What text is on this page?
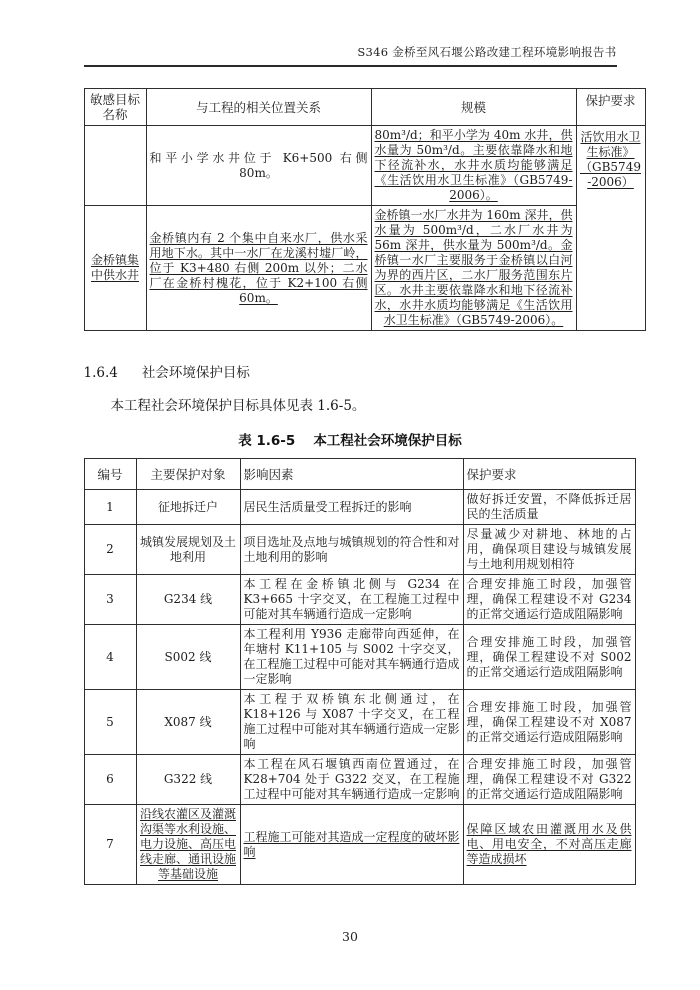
S346 金桥至风石堰公路改建工程环境影响报告书
敏感目标名称	与工程的相关位置关系	规模	保护要求
	和平小学水井位于 K6+500 右侧 80m。	80m³/d；和平小学为 40m 水井，供水量为 50m³/d。主要依靠降水和地下径流补水，水井水质均能够满足《生活饮用水卫生标准》（GB5749-2006）。	活饮用水卫生标准》（GB5749-2006）
金桥镇集中供水井	金桥镇内有 2 个集中自来水厂，供水采用地下水。其中一水厂在龙溪村墟厂岭，位于 K3+480 右侧 200m 以外；二水厂在金桥村槐花，位于 K2+100 右侧 60m。	金桥镇一水厂水井为 160m 深井，供水量为 500m³/d，二水厂水井为 56m 深井，供水量为 500m³/d。金桥镇一水厂主要服务于金桥镇以白河为界的西片区，二水厂服务范围东片区。水井主要依靠降水和地下径流补水，水井水质均能够满足《生活饮用水卫生标准》（GB5749-2006）。	
1.6.4 社会环境保护目标
本工程社会环境保护目标具体见表 1.6-5。
表 1.6-5 本工程社会环境保护目标
编号	主要保护对象	影响因素	保护要求
1	征地拆迁户	居民生活质量受工程拆迁的影响	做好拆迁安置，不降低拆迁居民的生活质量
2	城镇发展规划及土地利用	项目选址及点地与城镇规划的符合性和对土地利用的影响	尽量减少对耕地、林地的占用，确保项目建设与城镇发展与土地利用规划相符
3	G234 线	本工程在金桥镇北侧与 G234 在 K3+665 十字交叉，在工程施工过程中可能对其车辆通行造成一定影响	合理安排施工时段，加强管理，确保工程建设不对 G234 的正常交通运行造成阻隔影响
4	S002 线	本工程利用 Y936 走廊带向西延伸，在年塘村 K11+105 与 S002 十字交叉，在工程施工过程中可能对其车辆通行造成一定影响	合理安排施工时段，加强管理，确保工程建设不对 S002 的正常交通运行造成阻隔影响
5	X087 线	本工程于双桥镇东北侧通过，在 K18+126 与 X087 十字交叉，在工程施工过程中可能对其车辆通行造成一定影响	合理安排施工时段，加强管理，确保工程建设不对 X087 的正常交通运行造成阻隔影响
6	G322 线	本工程在风石堰镇西南位置通过，在 K28+704 处于 G322 交叉，在工程施工过程中可能对其车辆通行造成一定影响	合理安排施工时段，加强管理，确保工程建设不对 G322 的正常交通运行造成阻隔影响
7	沿线农灌区及灌溉沟渠等水利设施、电力设施、高压电线走廊、通讯设施等基础设施	工程施工可能对其造成一定程度的破坏影响	保障区域农田灌溉用水及供电、用电安全，不对高压走廊等造成损坏
30
